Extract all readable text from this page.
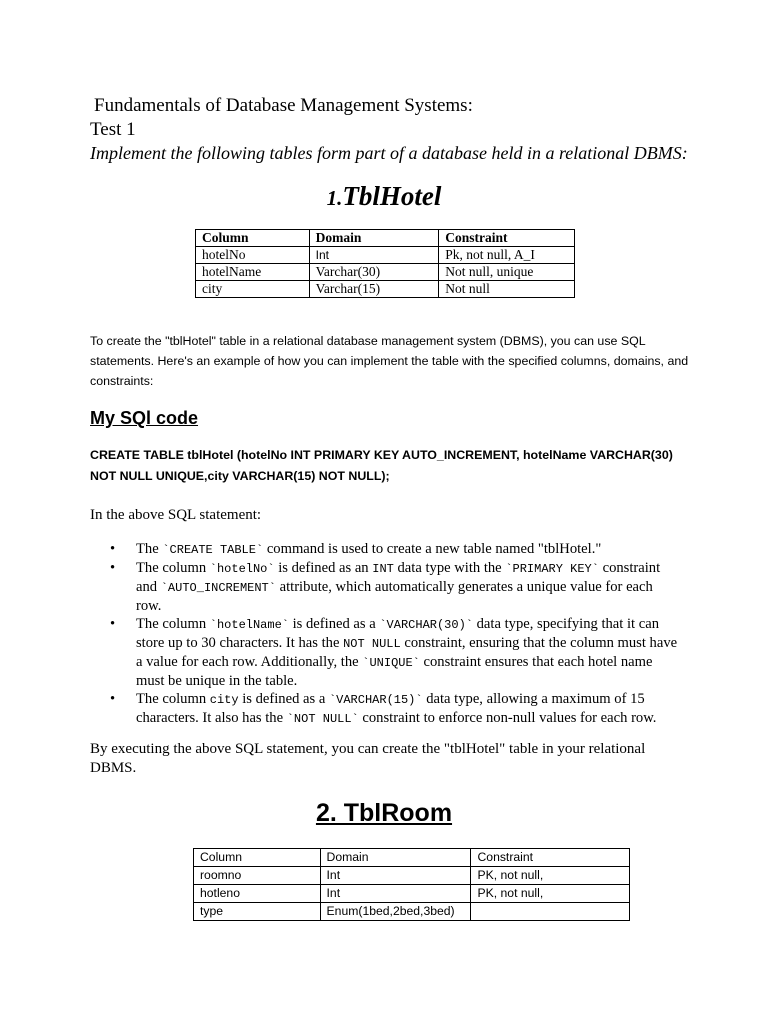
Fundamentals of Database Management Systems:

Test 1

Implement the following tables form part of a database held in a relational DBMS:

1.TblHotel

Column	Domain	Constraint
hotelNo	Int	Pk, not null, A_I
hotelName	Varchar(30)	Not null, unique
city	Varchar(15)	Not null

To create the "tblHotel" table in a relational database management system (DBMS), you can use SQL statements. Here's an example of how you can implement the table with the specified columns, domains, and constraints:

My SQl code

CREATE TABLE tblHotel (hotelNo INT PRIMARY KEY AUTO_INCREMENT, hotelName VARCHAR(30) NOT NULL UNIQUE,city VARCHAR(15) NOT NULL);

In the above SQL statement:

• The `CREATE TABLE` command is used to create a new table named "tblHotel."

• The column `hotelNo` is defined as an INT data type with the `PRIMARY KEY` constraint and `AUTO_INCREMENT` attribute, which automatically generates a unique value for each row.

• The column `hotelName` is defined as a `VARCHAR(30)` data type, specifying that it can store up to 30 characters. It has the NOT NULL constraint, ensuring that the column must have a value for each row. Additionally, the `UNIQUE` constraint ensures that each hotel name must be unique in the table.

• The column city is defined as a `VARCHAR(15)` data type, allowing a maximum of 15 characters. It also has the `NOT NULL` constraint to enforce non-null values for each row.

By executing the above SQL statement, you can create the "tblHotel" table in your relational DBMS.

2. TblRoom

Column	Domain	Constraint
roomno	Int	PK, not null,
hotleno	Int	PK, not null,
type	Enum(1bed,2bed,3bed)	
